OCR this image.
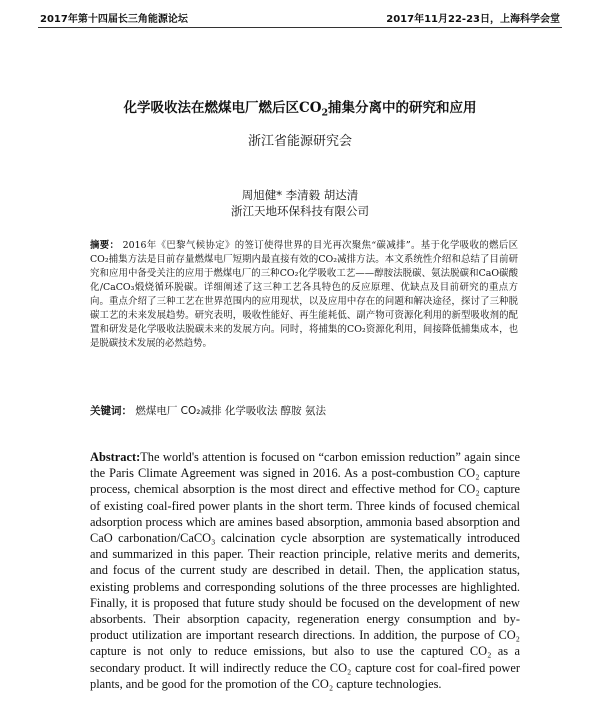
2017年第十四届长三角能源论坛	2017年11月22-23日，上海科学会堂
化学吸收法在燃煤电厂燃后区$CO_2$捕集分离中的研究和应用
浙江省能源研究会
周旭健* 李清毅 胡达清
浙江天地环保科技有限公司
摘要： 2016年《巴黎气候协定》的签订使得世界的目光再次聚焦“碳减排”。基于化学吸收的燃后区CO₂捕集方法是目前存量燃煤电厂短期内最直接有效的CO₂减排方法。本文系统性介绍和总结了目前研究和应用中备受关注的应用于燃煤电厂的三种CO₂化学吸收工艺——醇胺法脱碳、氨法脱碳和CaO碳酸化/CaCO₃煅烧循环脱碳。详细阐述了这三种工艺各具特色的反应原理、优缺点及目前研究的重点方向。重点介绍了三种工艺在世界范围内的应用现状，以及应用中存在的问题和解决途径，探讨了三种脱碳工艺的未来发展趋势。研究表明，吸收性能好、再生能耗低、副产物可资源化利用的新型吸收剂的配置和研发是化学吸收法脱碳未来的发展方向。同时，将捕集的CO₂资源化利用，间接降低捕集成本，也是脱碳技术发展的必然趋势。
关键词： 燃煤电厂 CO₂减排 化学吸收法 醇胺 氨法
Abstract:The world's attention is focused on “carbon emission reduction” again since the Paris Climate Agreement was signed in 2016. As a post-combustion CO₂ capture process, chemical absorption is the most direct and effective method for CO₂ capture of existing coal-fired power plants in the short term. Three kinds of focused chemical adsorption process which are amines based absorption, ammonia based absorption and CaO carbonation/CaCO₃ calcination cycle absorption are systematically introduced and summarized in this paper. Their reaction principle, relative merits and demerits, and focus of the current study are described in detail. Then, the application status, existing problems and corresponding solutions of the three processes are highlighted. Finally, it is proposed that future study should be focused on the development of new absorbents. Their absorption capacity, regeneration energy consumption and by-product utilization are important research directions. In addition, the purpose of CO₂ capture is not only to reduce emissions, but also to use the captured CO₂ as a secondary product. It will indirectly reduce the CO₂ capture cost for coal-fired power plants, and be good for the promotion of the CO₂ capture technologies.
